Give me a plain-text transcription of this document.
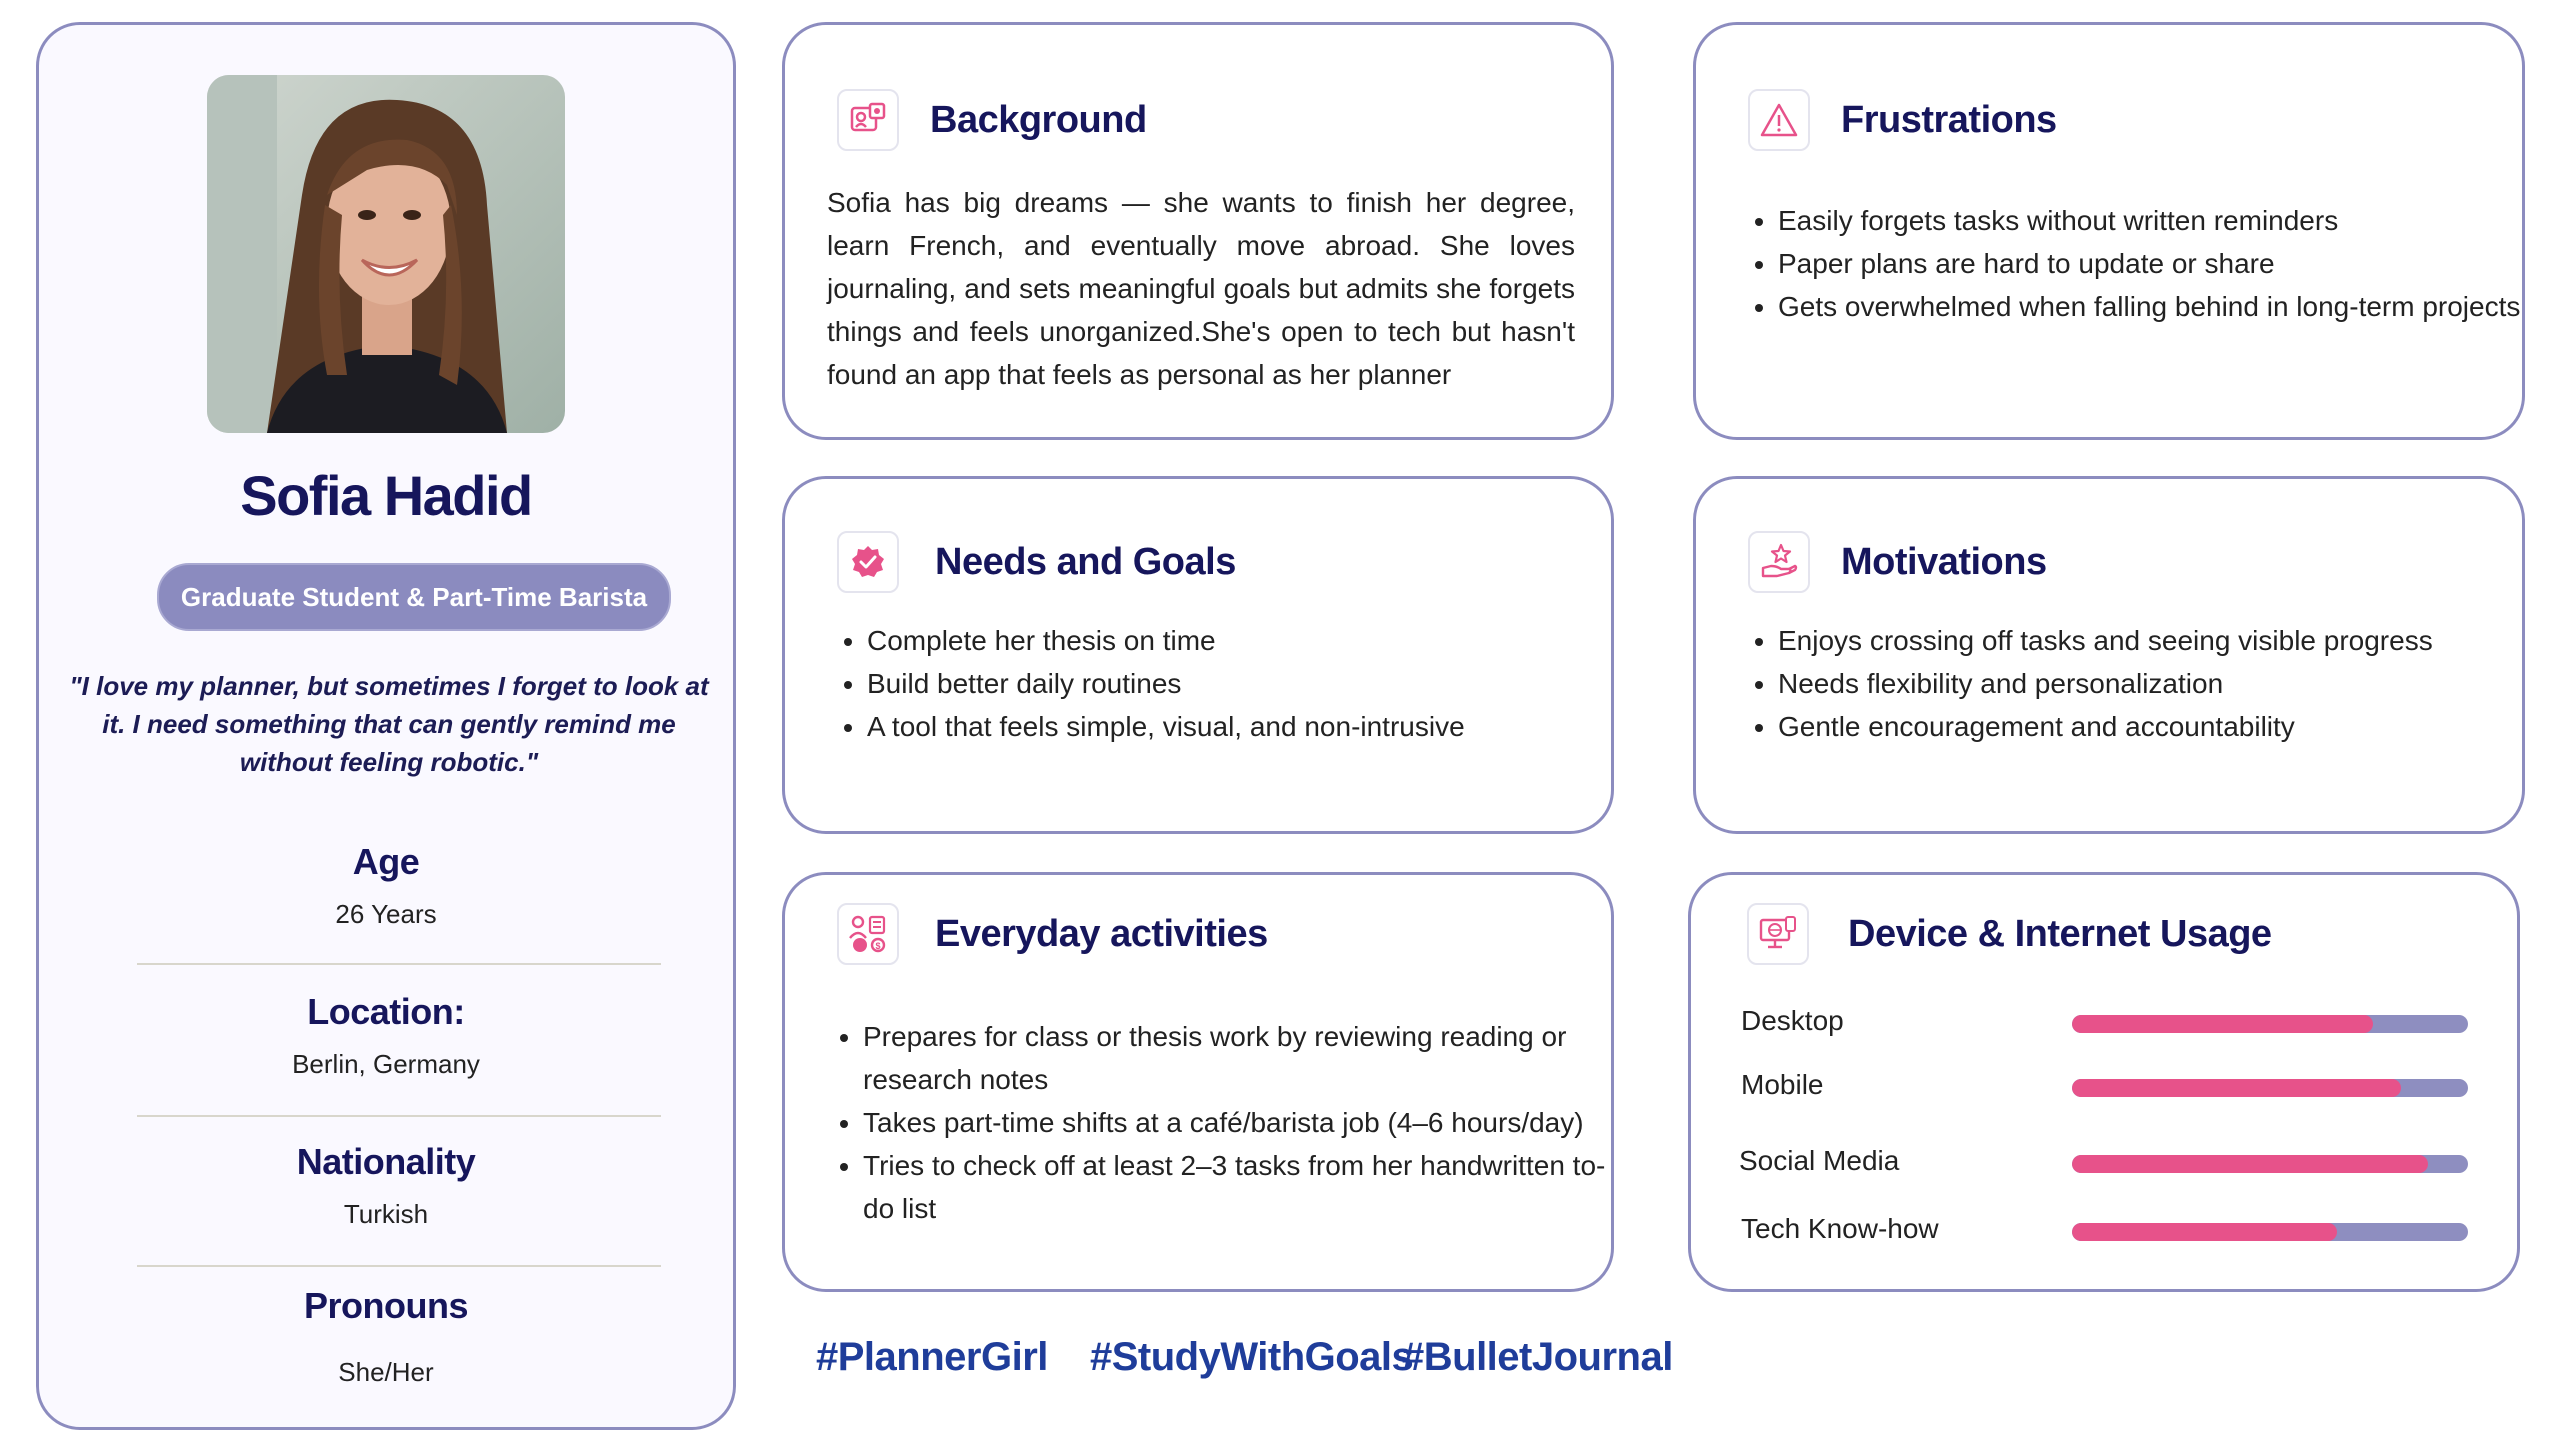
Sofia Hadid
Graduate Student & Part-Time Barista
"I love my planner, but sometimes I forget to look at it. I need something that can gently remind me without feeling robotic."
Age
26 Years
Location:
Berlin, Germany
Nationality
Turkish
Pronouns
She/Her
Background
Sofia has big dreams — she wants to finish her degree, learn French, and eventually move abroad. She loves journaling, and sets meaningful goals but admits she forgets things and feels unorganized.She's open to tech but hasn't found an app that feels as personal as her planner
Frustrations
• Easily forgets tasks without written reminders
• Paper plans are hard to update or share
• Gets overwhelmed when falling behind in long-term projects
Needs and Goals
• Complete her thesis on time
• Build better daily routines
• A tool that feels simple, visual, and non-intrusive
Motivations
• Enjoys crossing off tasks and seeing visible progress
• Needs flexibility and personalization
• Gentle encouragement and accountability
$ Everyday activities
• Prepares for class or thesis work by reviewing reading or research notes
• Takes part-time shifts at a café/barista job (4–6 hours/day)
• Tries to check off at least 2–3 tasks from her handwritten to-do list
Device & Internet Usage
Desktop
Mobile
Social Media
Tech Know-how
#PlannerGirl #StudyWithGoals
#BulletJournal
